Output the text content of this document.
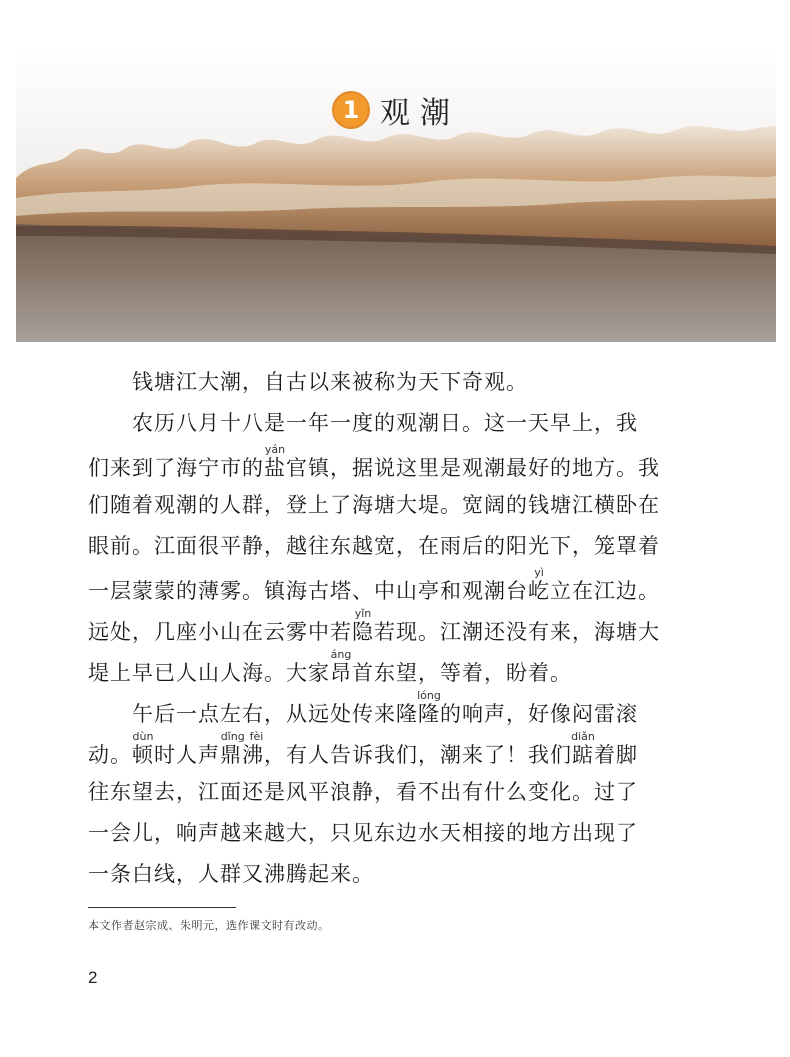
1 观潮
钱塘江大潮，自古以来被称为天下奇观。
农历八月十八是一年一度的观潮日。这一天早上，我
们来到了海宁市的盐yán官镇，据说这里是观潮最好的地方。我
们随着观潮的人群，登上了海塘大堤。宽阔的钱塘江横卧在
眼前。江面很平静，越往东越宽，在雨后的阳光下，笼罩着
一层蒙蒙的薄雾。镇海古塔、中山亭和观潮台屹yì立在江边。
远处，几座小山在云雾中若隐yǐn若现。江潮还没有来，海塘大
堤上早已人山人海。大家昂áng首东望，等着，盼着。
午后一点左右，从远处传来隆隆lóng的响声，好像闷雷滚
动。顿dùn时人声鼎沸dǐng fèi，有人告诉我们，潮来了！我们踮diǎn着脚
往东望去，江面还是风平浪静，看不出有什么变化。过了
一会儿，响声越来越大，只见东边水天相接的地方出现了
一条白线，人群又沸腾起来。
本文作者赵宗成、朱明元，选作课文时有改动。
2
